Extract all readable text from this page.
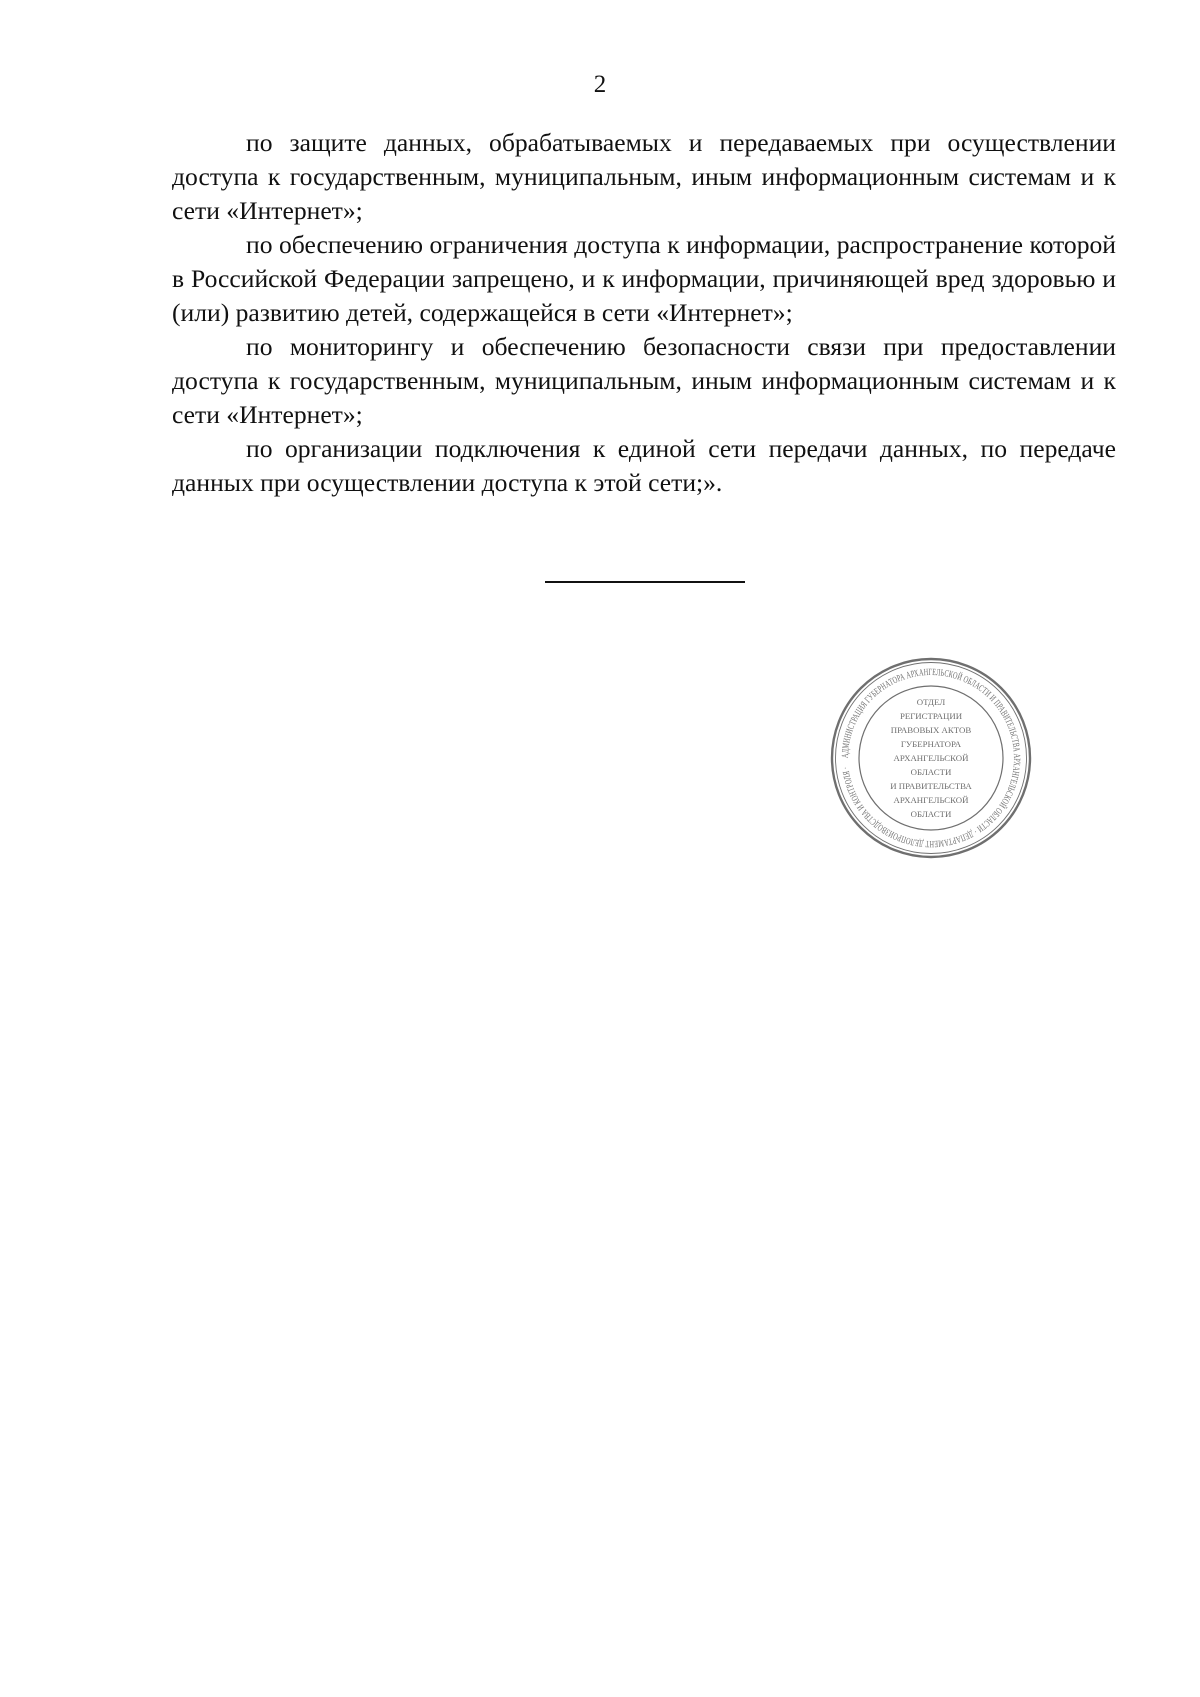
2

по защите данных, обрабатываемых и передаваемых при осуществлении доступа к государственным, муниципальным, иным информационным системам и к сети «Интернет»;

по обеспечению ограничения доступа к информации, распространение которой в Российской Федерации запрещено, и к информации, причиняющей вред здоровью и (или) развитию детей, содержащейся в сети «Интернет»;

по мониторингу и обеспечению безопасности связи при предоставлении доступа к государственным, муниципальным, иным информационным системам и к сети «Интернет»;

по организации подключения к единой сети передачи данных, по передаче данных при осуществлении доступа к этой сети;».

АДМИНИСТРАЦИЯ ГУБЕРНАТОРА АРХАНГЕЛЬСКОЙ ОБЛАСТИ И ПРАВИТЕЛЬСТВА АРХАНГЕЛЬСКОЙ ОБЛАСТИ · ДЕПАРТАМЕНТ ДЕЛОПРОИЗВОДСТВА И КОНТРОЛЯ ·
ОТДЕЛ
РЕГИСТРАЦИИ
ПРАВОВЫХ АКТОВ
ГУБЕРНАТОРА
АРХАНГЕЛЬСКОЙ
ОБЛАСТИ
И ПРАВИТЕЛЬСТВА
АРХАНГЕЛЬСКОЙ
ОБЛАСТИ
